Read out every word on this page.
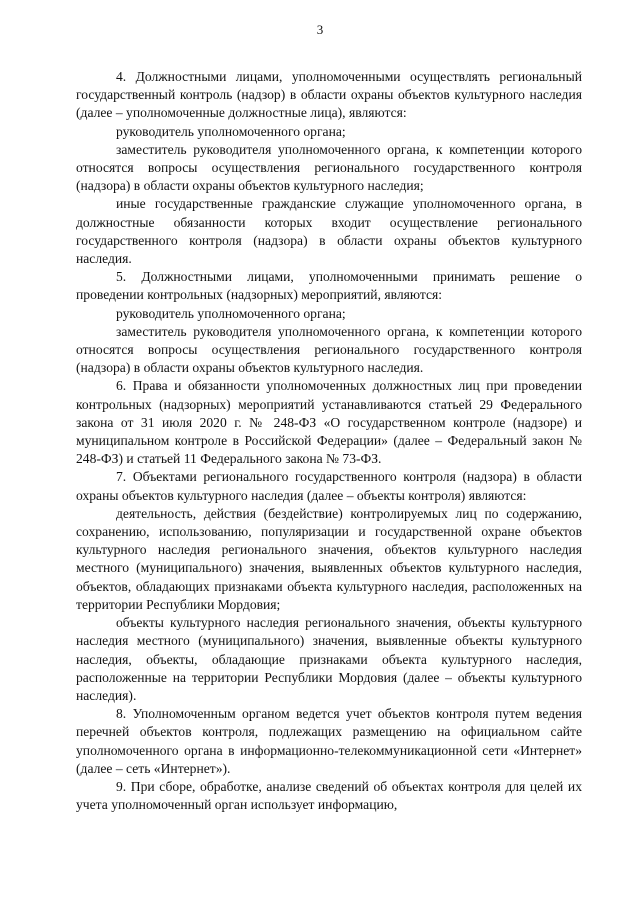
3

4. Должностными лицами, уполномоченными осуществлять региональный государственный контроль (надзор) в области охраны объектов культурного наследия (далее – уполномоченные должностные лица), являются:

руководитель уполномоченного органа;

заместитель руководителя уполномоченного органа, к компетенции которого относятся вопросы осуществления регионального государственного контроля (надзора) в области охраны объектов культурного наследия;

иные государственные гражданские служащие уполномоченного органа, в должностные обязанности которых входит осуществление регионального государственного контроля (надзора) в области охраны объектов культурного наследия.

5. Должностными лицами, уполномоченными принимать решение о проведении контрольных (надзорных) мероприятий, являются:

руководитель уполномоченного органа;

заместитель руководителя уполномоченного органа, к компетенции которого относятся вопросы осуществления регионального государственного контроля (надзора) в области охраны объектов культурного наследия.

6. Права и обязанности уполномоченных должностных лиц при проведении контрольных (надзорных) мероприятий устанавливаются статьей 29 Федерального закона от 31 июля 2020 г. № 248-ФЗ «О государственном контроле (надзоре) и муниципальном контроле в Российской Федерации» (далее – Федеральный закон № 248-ФЗ) и статьей 11 Федерального закона № 73-ФЗ.

7. Объектами регионального государственного контроля (надзора) в области охраны объектов культурного наследия (далее – объекты контроля) являются:

деятельность, действия (бездействие) контролируемых лиц по содержанию, сохранению, использованию, популяризации и государственной охране объектов культурного наследия регионального значения, объектов культурного наследия местного (муниципального) значения, выявленных объектов культурного наследия, объектов, обладающих признаками объекта культурного наследия, расположенных на территории Республики Мордовия;

объекты культурного наследия регионального значения, объекты культурного наследия местного (муниципального) значения, выявленные объекты культурного наследия, объекты, обладающие признаками объекта культурного наследия, расположенные на территории Республики Мордовия (далее – объекты культурного наследия).

8. Уполномоченным органом ведется учет объектов контроля путем ведения перечней объектов контроля, подлежащих размещению на официальном сайте уполномоченного органа в информационно-телекоммуникационной сети «Интернет» (далее – сеть «Интернет»).

9. При сборе, обработке, анализе сведений об объектах контроля для целей их учета уполномоченный орган использует информацию,
